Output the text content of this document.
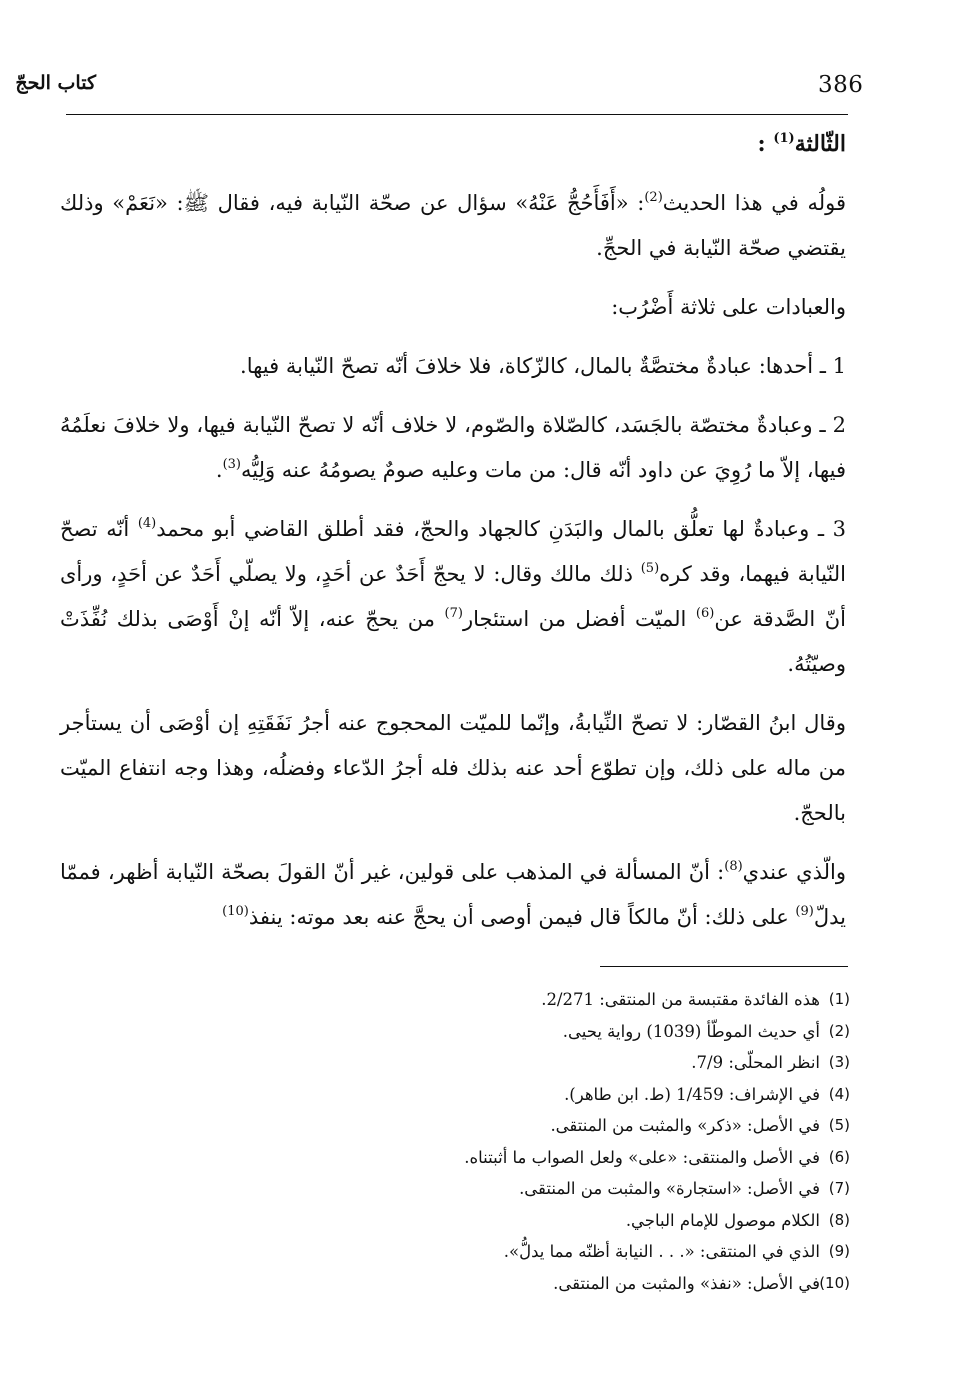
386
كتاب الحجّ

الثّالثة$^{(1)}$ :

قولُه في هذا الحديث$^{(2)}$: «أَفَأَحُجُّ عَنْهُ» سؤال عن صحّة النّيابة فيه، فقال ﷺ: «نَعَمْ» وذلك يقتضي صحّة النّيابة في الحجِّ.

والعبادات على ثلاثة أَضْرُب:

1 ـ أحدها: عبادةٌ مختصَّةٌ بالمال، كالزّكاة، فلا خلافَ أنّه تصحّ النّيابة فيها.

2 ـ وعبادةٌ مختصّة بالجَسَد، كالصّلاة والصّوم، لا خلاف أنّه لا تصحّ النّيابة فيها، ولا خلافَ نعلَمُهُ فيها، إلاّ ما رُوِيَ عن داود أنّه قال: من مات وعليه صومٌ يصومُهُ عنه وَلِيُّه$^{(3)}$.

3 ـ وعبادةٌ لها تعلُّق بالمال والبَدَنِ كالجهاد والحجّ، فقد أطلق القاضي أبو محمد$^{(4)}$ أنّه تصحّ النّيابة فيهما، وقد كره$^{(5)}$ ذلك مالك وقال: لا يحجّ أَحَدٌ عن أحَدٍ، ولا يصلّي أَحَدٌ عن أحَدٍ، ورأى أنّ الصَّدقة عن$^{(6)}$ الميّت أفضل من استئجار$^{(7)}$ من يحجّ عنه، إلاّ أنّه إنْ أَوْصَى بذلك نُفِّذَتْ وصيّتُهُ.

وقال ابنُ القصّار: لا تصحّ النِّيابةُ، وإنّما للميّت المحجوج عنه أجرُ نَفَقَتِهِ إن أوْصَى أن يستأجر من ماله على ذلك، وإن تطوّع أحد عنه بذلك فله أجرُ الدّعاء وفضلُه، وهذا وجه انتفاع الميّت بالحجّ.

والّذي عندي$^{(8)}$: أنّ المسألة في المذهب على قولين، غير أنّ القولَ بصحّة النّيابة أظهر، فممّا يدلّ$^{(9)}$ على ذلك: أنّ مالكاً قال فيمن أوصى أن يحجَّ عنه بعد موته: ينفذ$^{(10)}$

(1)
هذه الفائدة مقتبسة من المنتقى: 2/271.
(2)
أي حديث الموطّأ (1039) رواية يحيى.
(3)
انظر المحلّى: 7/9.
(4)
في الإشراف: 1/459 (ط. ابن طاهر).
(5)
في الأصل: «ذكر» والمثبت من المنتقى.
(6)
في الأصل والمنتقى: «على» ولعل الصواب ما أثبتناه.
(7)
في الأصل: «استجارة» والمثبت من المنتقى.
(8)
الكلام موصول للإمام الباجي.
(9)
الذي في المنتقى: «. . . النيابة أظنّه مما يدلُّ».
(10)
في الأصل: «نفذ» والمثبت من المنتقى.
